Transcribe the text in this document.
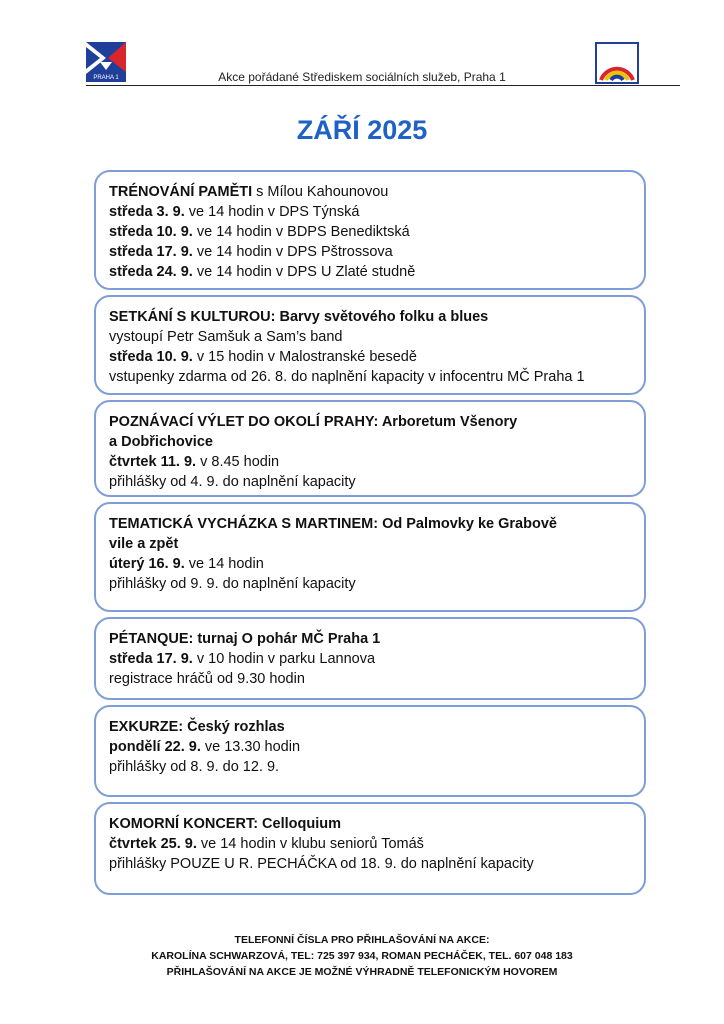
PRAHA 1	Akce pořádané Střediskem sociálních služeb, Praha 1
ZÁŘÍ 2025
TRÉNOVÁNÍ PAMĚTI s Mílou Kahounovou
středa 3. 9. ve 14 hodin v DPS Týnská
středa 10. 9. ve 14 hodin v BDPS Benediktská
středa 17. 9. ve 14 hodin v DPS Pštrossova
středa 24. 9. ve 14 hodin v DPS U Zlaté studně
SETKÁNÍ S KULTUROU: Barvy světového folku a blues
vystoupí Petr Samšuk a Sam’s band
středa 10. 9. v 15 hodin v Malostranské besedě
vstupenky zdarma od 26. 8. do naplnění kapacity v infocentru MČ Praha 1
POZNÁVACÍ VÝLET DO OKOLÍ PRAHY: Arboretum Všenory
a Dobřichovice
čtvrtek 11. 9. v 8.45 hodin
přihlášky od 4. 9. do naplnění kapacity
TEMATICKÁ VYCHÁZKA S MARTINEM: Od Palmovky ke Grabově
vile a zpět
úterý 16. 9. ve 14 hodin
přihlášky od 9. 9. do naplnění kapacity
PÉTANQUE: turnaj O pohár MČ Praha 1
středa 17. 9. v 10 hodin v parku Lannova
registrace hráčů od 9.30 hodin
EXKURZE: Český rozhlas
pondělí 22. 9. ve 13.30 hodin
přihlášky od 8. 9. do 12. 9.
KOMORNÍ KONCERT: Celloquium
čtvrtek 25. 9. ve 14 hodin v klubu seniorů Tomáš
přihlášky POUZE U R. PECHÁČKA od 18. 9. do naplnění kapacity
TELEFONNÍ ČÍSLA PRO PŘIHLAŠOVÁNÍ NA AKCE:
KAROLÍNA SCHWARZOVÁ, TEL: 725 397 934, ROMAN PECHÁČEK, TEL. 607 048 183
PŘIHLAŠOVÁNÍ NA AKCE JE MOŽNÉ VÝHRADNĚ TELEFONICKÝM HOVOREM
